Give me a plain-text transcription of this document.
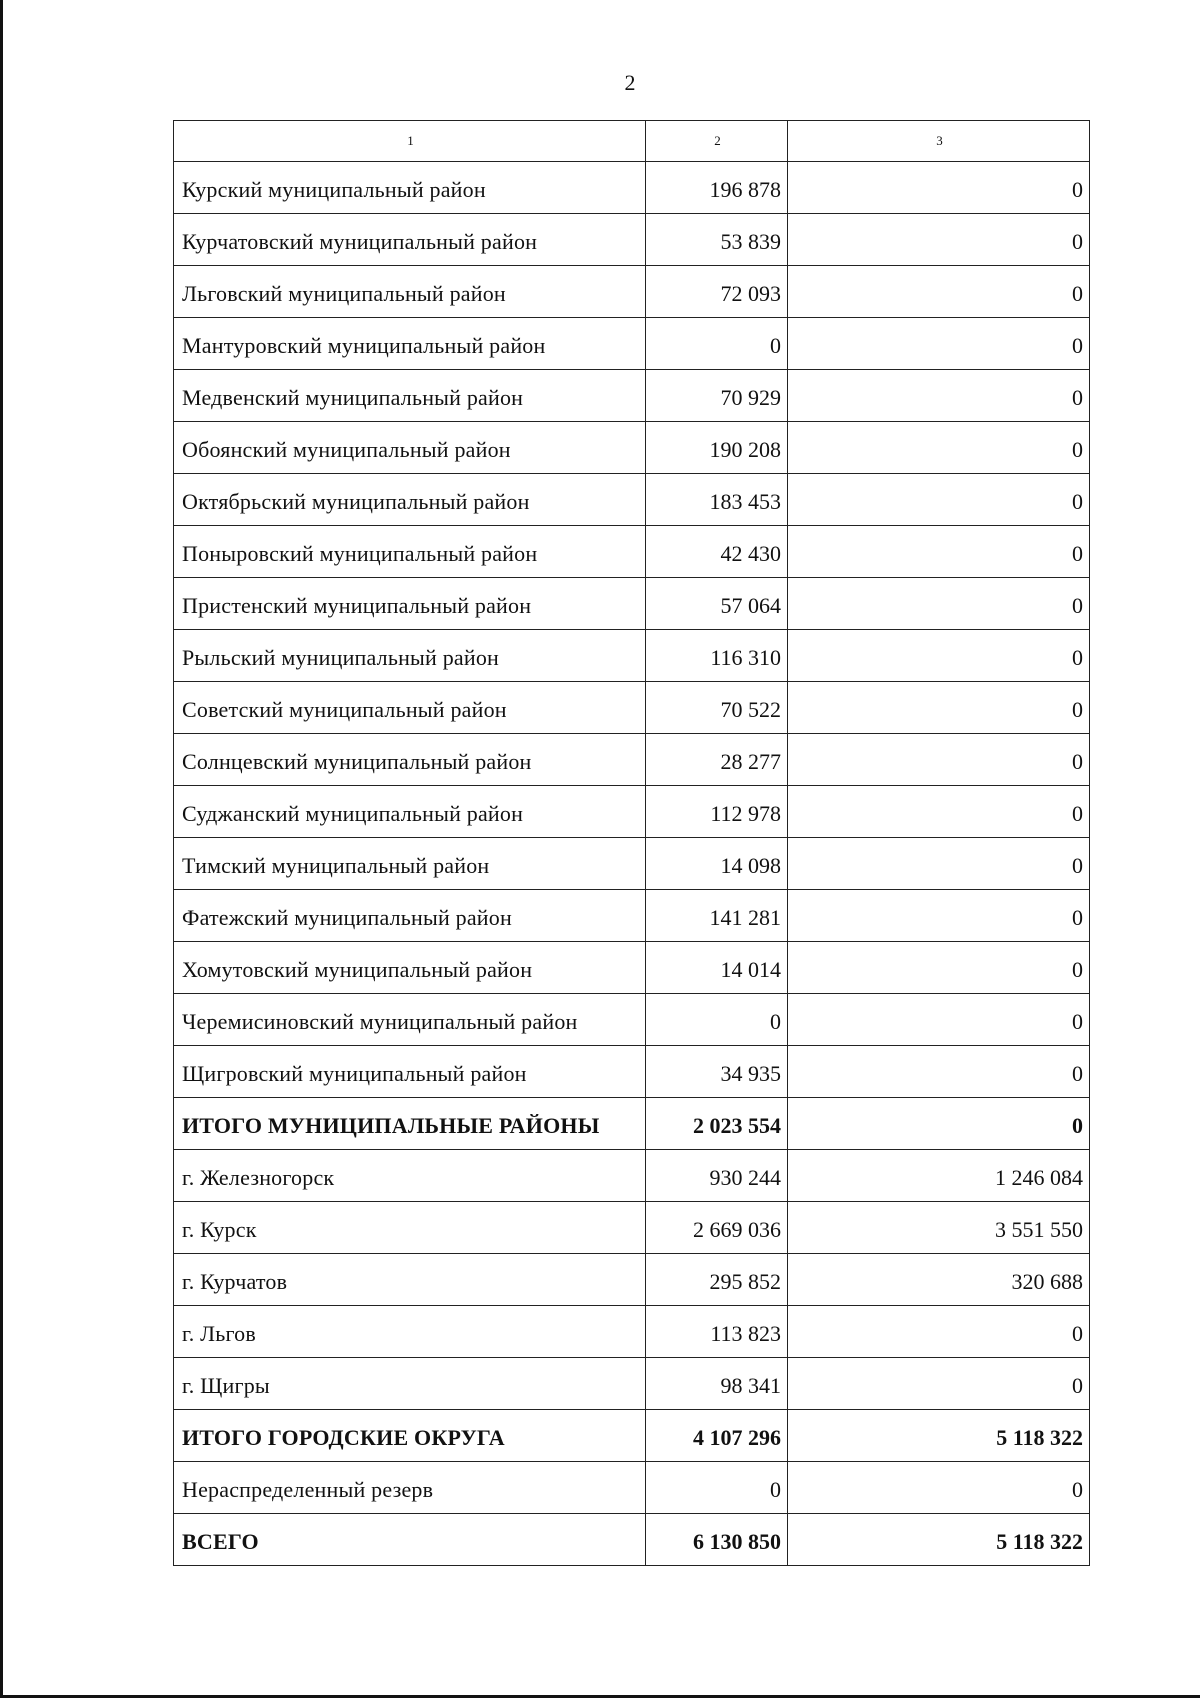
2
1	2	3
Курский муниципальный район	196 878	0
Курчатовский муниципальный район	53 839	0
Льговский муниципальный район	72 093	0
Мантуровский муниципальный район	0	0
Медвенский муниципальный район	70 929	0
Обоянский муниципальный район	190 208	0
Октябрьский муниципальный район	183 453	0
Поныровский муниципальный район	42 430	0
Пристенский муниципальный район	57 064	0
Рыльский муниципальный район	116 310	0
Советский муниципальный район	70 522	0
Солнцевский муниципальный район	28 277	0
Суджанский муниципальный район	112 978	0
Тимский муниципальный район	14 098	0
Фатежский муниципальный район	141 281	0
Хомутовский муниципальный район	14 014	0
Черемисиновский муниципальный район	0	0
Щигровский муниципальный район	34 935	0
ИТОГО МУНИЦИПАЛЬНЫЕ РАЙОНЫ	2 023 554	0
г. Железногорск	930 244	1 246 084
г. Курск	2 669 036	3 551 550
г. Курчатов	295 852	320 688
г. Льгов	113 823	0
г. Щигры	98 341	0
ИТОГО ГОРОДСКИЕ ОКРУГА	4 107 296	5 118 322
Нераспределенный резерв	0	0
ВСЕГО	6 130 850	5 118 322
